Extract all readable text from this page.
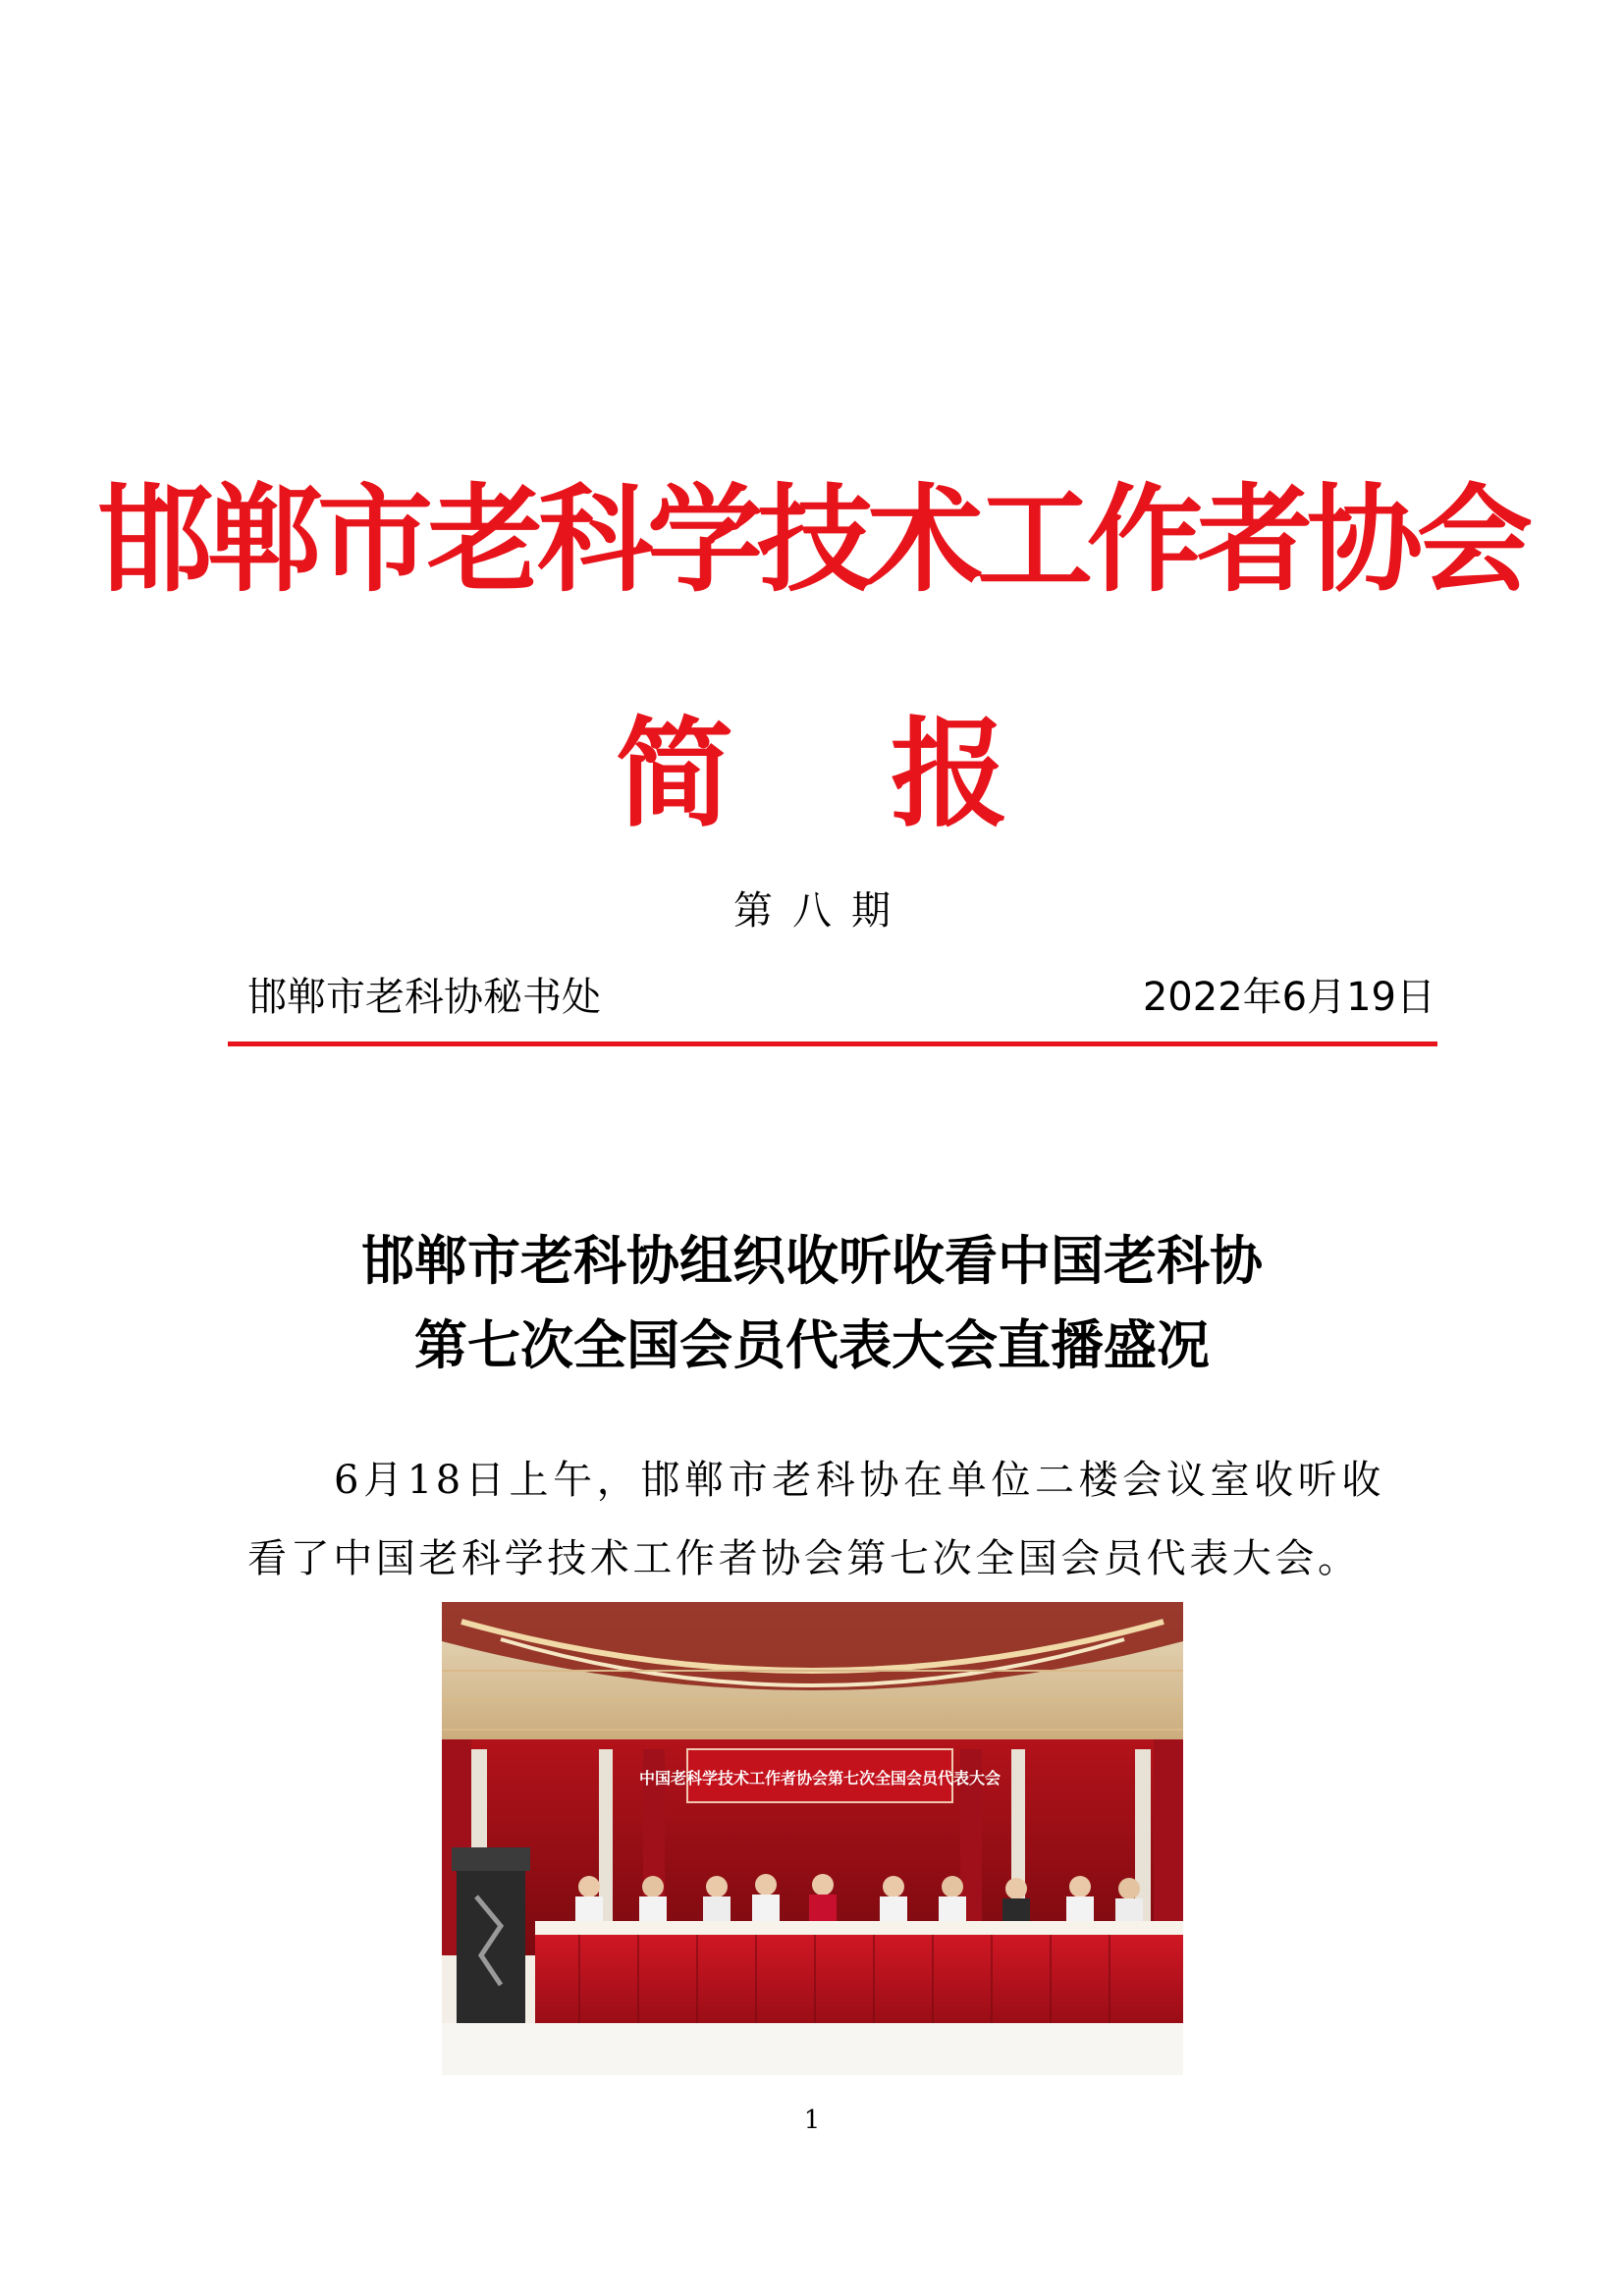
邯郸市老科学技术工作者协会
简报
第八期
邯郸市老科协秘书处	2022年6月19日
邯郸市老科协组织收听收看中国老科协
第七次全国会员代表大会直播盛况
6月18日上午，邯郸市老科协在单位二楼会议室收听收看了中国老科学技术工作者协会第七次全国会员代表大会。
中国老科学技术工作者协会第七次全国会员代表大会
1
